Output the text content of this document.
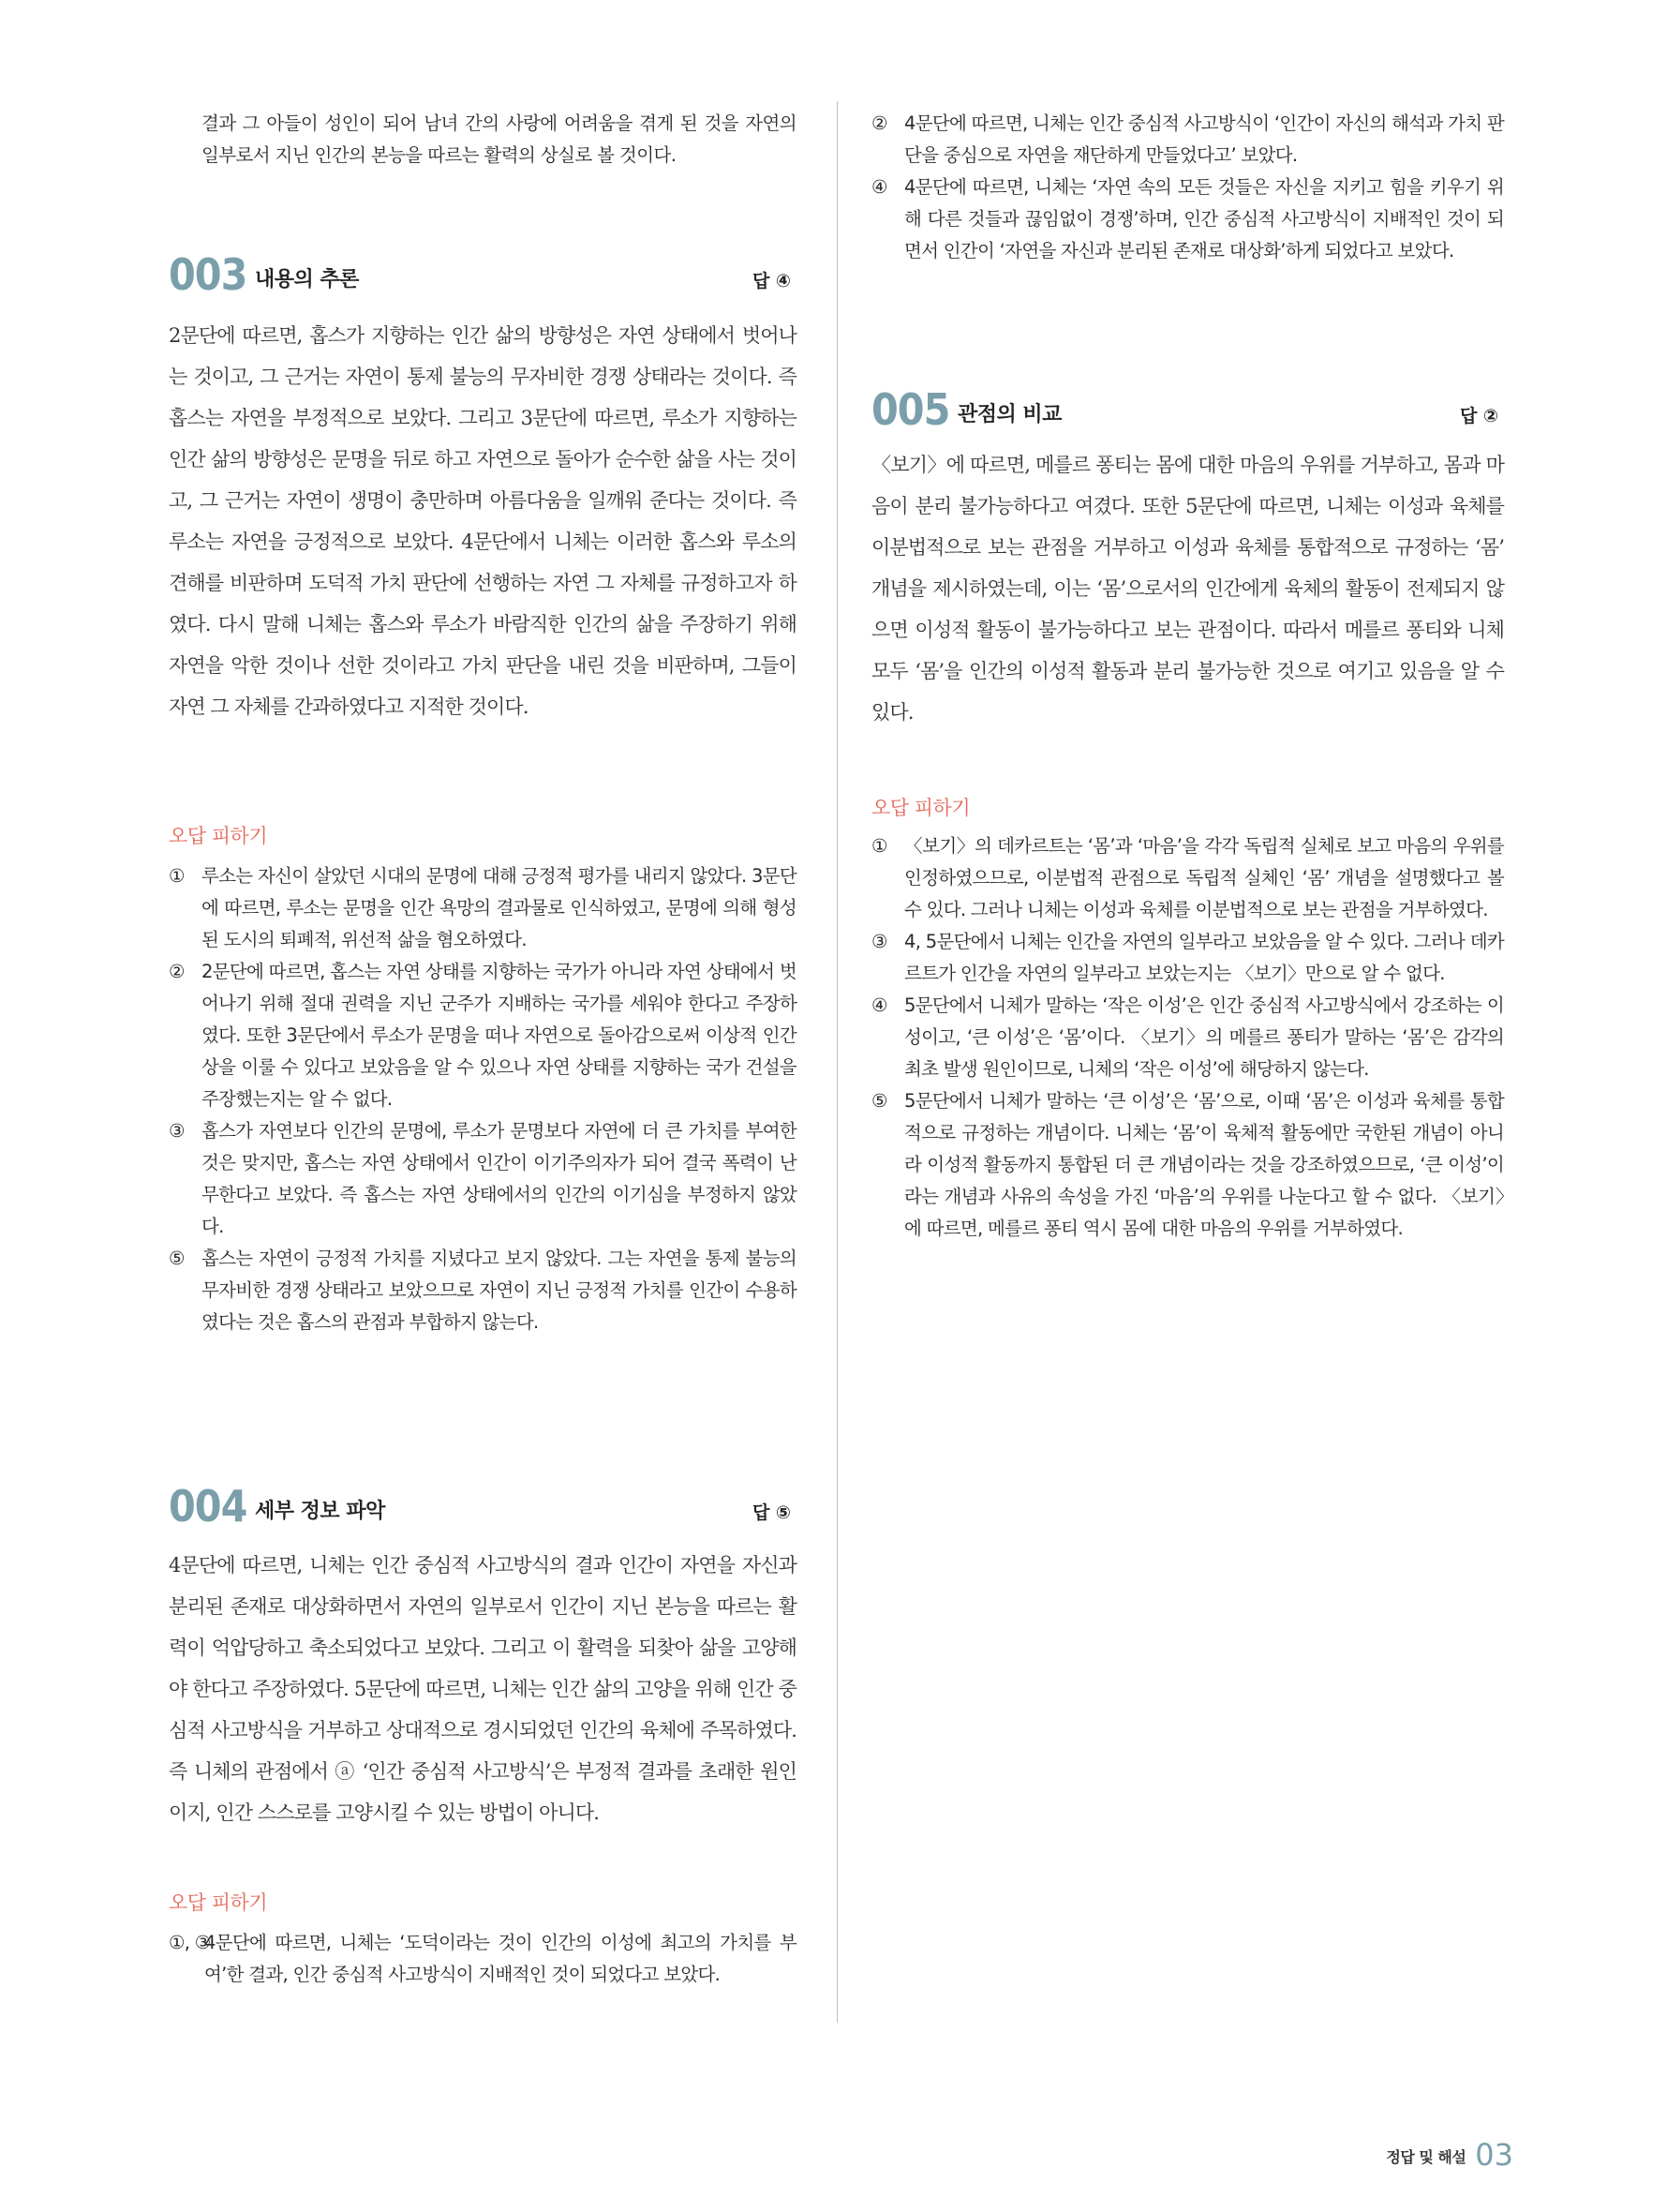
결과 그 아들이 성인이 되어 남녀 간의 사랑에 어려움을 겪게 된 것을 자연의 일부로서 지닌 인간의 본능을 따르는 활력의 상실로 볼 것이다.

003 내용의 추론	답 ④

2문단에 따르면, 홉스가 지향하는 인간 삶의 방향성은 자연 상태에서 벗어나는 것이고, 그 근거는 자연이 통제 불능의 무자비한 경쟁 상태라는 것이다. 즉 홉스는 자연을 부정적으로 보았다. 그리고 3문단에 따르면, 루소가 지향하는 인간 삶의 방향성은 문명을 뒤로 하고 자연으로 돌아가 순수한 삶을 사는 것이고, 그 근거는 자연이 생명이 충만하며 아름다움을 일깨워 준다는 것이다. 즉 루소는 자연을 긍정적으로 보았다. 4문단에서 니체는 이러한 홉스와 루소의 견해를 비판하며 도덕적 가치 판단에 선행하는 자연 그 자체를 규정하고자 하였다. 다시 말해 니체는 홉스와 루소가 바람직한 인간의 삶을 주장하기 위해 자연을 악한 것이나 선한 것이라고 가치 판단을 내린 것을 비판하며, 그들이 자연 그 자체를 간과하였다고 지적한 것이다.

오답 피하기
① 루소는 자신이 살았던 시대의 문명에 대해 긍정적 평가를 내리지 않았다. 3문단에 따르면, 루소는 문명을 인간 욕망의 결과물로 인식하였고, 문명에 의해 형성된 도시의 퇴폐적, 위선적 삶을 혐오하였다.
② 2문단에 따르면, 홉스는 자연 상태를 지향하는 국가가 아니라 자연 상태에서 벗어나기 위해 절대 권력을 지닌 군주가 지배하는 국가를 세워야 한다고 주장하였다. 또한 3문단에서 루소가 문명을 떠나 자연으로 돌아감으로써 이상적 인간상을 이룰 수 있다고 보았음을 알 수 있으나 자연 상태를 지향하는 국가 건설을 주장했는지는 알 수 없다.
③ 홉스가 자연보다 인간의 문명에, 루소가 문명보다 자연에 더 큰 가치를 부여한 것은 맞지만, 홉스는 자연 상태에서 인간이 이기주의자가 되어 결국 폭력이 난무한다고 보았다. 즉 홉스는 자연 상태에서의 인간의 이기심을 부정하지 않았다.
⑤ 홉스는 자연이 긍정적 가치를 지녔다고 보지 않았다. 그는 자연을 통제 불능의 무자비한 경쟁 상태라고 보았으므로 자연이 지닌 긍정적 가치를 인간이 수용하였다는 것은 홉스의 관점과 부합하지 않는다.
004 세부 정보 파악	답 ⑤

4문단에 따르면, 니체는 인간 중심적 사고방식의 결과 인간이 자연을 자신과 분리된 존재로 대상화하면서 자연의 일부로서 인간이 지닌 본능을 따르는 활력이 억압당하고 축소되었다고 보았다. 그리고 이 활력을 되찾아 삶을 고양해야 한다고 주장하였다. 5문단에 따르면, 니체는 인간 삶의 고양을 위해 인간 중심적 사고방식을 거부하고 상대적으로 경시되었던 인간의 육체에 주목하였다. 즉 니체의 관점에서 ⓐ ‘인간 중심적 사고방식’은 부정적 결과를 초래한 원인이지, 인간 스스로를 고양시킬 수 있는 방법이 아니다.

오답 피하기
①, ③
4문단에 따르면, 니체는 ‘도덕이라는 것이 인간의 이성에 최고의 가치를 부여’한 결과, 인간 중심적 사고방식이 지배적인 것이 되었다고 보았다.
② 4문단에 따르면, 니체는 인간 중심적 사고방식이 ‘인간이 자신의 해석과 가치 판단을 중심으로 자연을 재단하게 만들었다고’ 보았다.
④ 4문단에 따르면, 니체는 ‘자연 속의 모든 것들은 자신을 지키고 힘을 키우기 위해 다른 것들과 끊임없이 경쟁’하며, 인간 중심적 사고방식이 지배적인 것이 되면서 인간이 ‘자연을 자신과 분리된 존재로 대상화’하게 되었다고 보았다.
005 관점의 비교	답 ②

〈보기〉에 따르면, 메를르 퐁티는 몸에 대한 마음의 우위를 거부하고, 몸과 마음이 분리 불가능하다고 여겼다. 또한 5문단에 따르면, 니체는 이성과 육체를 이분법적으로 보는 관점을 거부하고 이성과 육체를 통합적으로 규정하는 ‘몸’ 개념을 제시하였는데, 이는 ‘몸’으로서의 인간에게 육체의 활동이 전제되지 않으면 이성적 활동이 불가능하다고 보는 관점이다. 따라서 메를르 퐁티와 니체 모두 ‘몸’을 인간의 이성적 활동과 분리 불가능한 것으로 여기고 있음을 알 수 있다.

오답 피하기
① 〈보기〉의 데카르트는 ‘몸’과 ‘마음’을 각각 독립적 실체로 보고 마음의 우위를 인정하였으므로, 이분법적 관점으로 독립적 실체인 ‘몸’ 개념을 설명했다고 볼 수 있다. 그러나 니체는 이성과 육체를 이분법적으로 보는 관점을 거부하였다.
③ 4, 5문단에서 니체는 인간을 자연의 일부라고 보았음을 알 수 있다. 그러나 데카르트가 인간을 자연의 일부라고 보았는지는 〈보기〉만으로 알 수 없다.
④ 5문단에서 니체가 말하는 ‘작은 이성’은 인간 중심적 사고방식에서 강조하는 이성이고, ‘큰 이성’은 ‘몸’이다. 〈보기〉의 메를르 퐁티가 말하는 ‘몸’은 감각의 최초 발생 원인이므로, 니체의 ‘작은 이성’에 해당하지 않는다.
⑤ 5문단에서 니체가 말하는 ‘큰 이성’은 ‘몸’으로, 이때 ‘몸’은 이성과 육체를 통합적으로 규정하는 개념이다. 니체는 ‘몸’이 육체적 활동에만 국한된 개념이 아니라 이성적 활동까지 통합된 더 큰 개념이라는 것을 강조하였으므로, ‘큰 이성’이라는 개념과 사유의 속성을 가진 ‘마음’의 우위를 나눈다고 할 수 없다. 〈보기〉에 따르면, 메를르 퐁티 역시 몸에 대한 마음의 우위를 거부하였다.
정답 및 해설 03
